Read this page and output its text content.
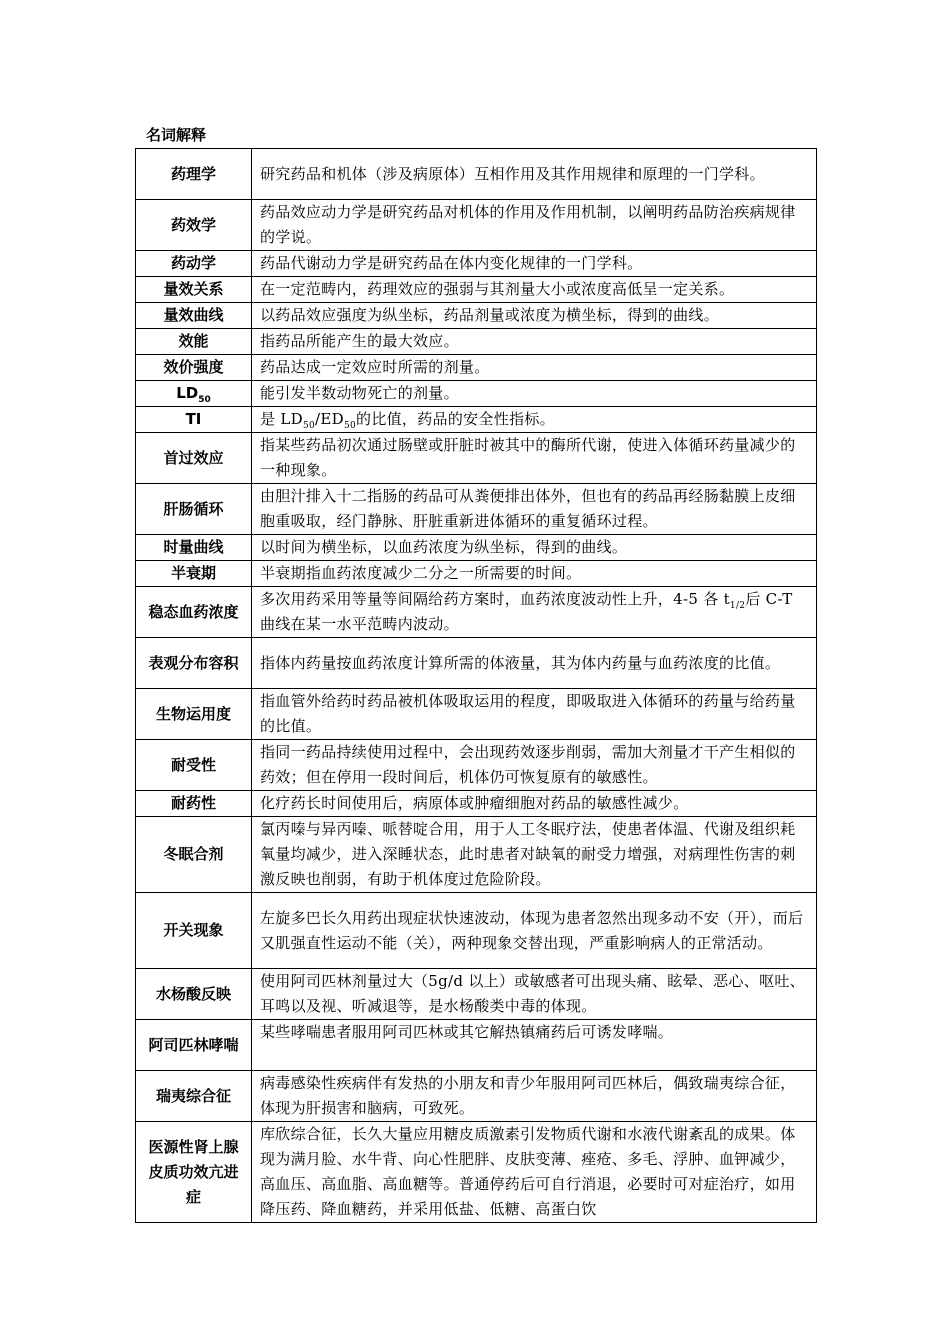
名词解释
药理学	研究药品和机体（涉及病原体）互相作用及其作用规律和原理的一门学科。
药效学	药品效应动力学是研究药品对机体的作用及作用机制，以阐明药品防治疾病规律的学说。
药动学	药品代谢动力学是研究药品在体内变化规律的一门学科。
量效关系	在一定范畴内，药理效应的强弱与其剂量大小或浓度高低呈一定关系。
量效曲线	以药品效应强度为纵坐标，药品剂量或浓度为横坐标，得到的曲线。
效能	指药品所能产生的最大效应。
效价强度	药品达成一定效应时所需的剂量。
$LD_{50}$	能引发半数动物死亡的剂量。
TI	是 $LD_{50}/ED_{50}$的比值，药品的安全性指标。
首过效应	指某些药品初次通过肠壁或肝脏时被其中的酶所代谢，使进入体循环药量减少的一种现象。
肝肠循环	由胆汁排入十二指肠的药品可从粪便排出体外，但也有的药品再经肠黏膜上皮细胞重吸取，经门静脉、肝脏重新进体循环的重复循环过程。
时量曲线	以时间为横坐标，以血药浓度为纵坐标，得到的曲线。
半衰期	半衰期指血药浓度减少二分之一所需要的时间。
稳态血药浓度	多次用药采用等量等间隔给药方案时，血药浓度波动性上升，4-5 各 $t_{1/2}$后 C-T 曲线在某一水平范畴内波动。
表观分布容积	指体内药量按血药浓度计算所需的体液量，其为体内药量与血药浓度的比值。
生物运用度	指血管外给药时药品被机体吸取运用的程度，即吸取进入体循环的药量与给药量的比值。
耐受性	指同一药品持续使用过程中，会出现药效逐步削弱，需加大剂量才干产生相似的药效；但在停用一段时间后，机体仍可恢复原有的敏感性。
耐药性	化疗药长时间使用后，病原体或肿瘤细胞对药品的敏感性减少。
冬眠合剂	氯丙嗪与异丙嗪、哌替啶合用，用于人工冬眠疗法，使患者体温、代谢及组织耗氧量均减少，进入深睡状态，此时患者对缺氧的耐受力增强，对病理性伤害的刺激反映也削弱，有助于机体度过危险阶段。
开关现象	左旋多巴长久用药出现症状快速波动，体现为患者忽然出现多动不安（开），而后又肌强直性运动不能（关），两种现象交替出现，严重影响病人的正常活动。
水杨酸反映	使用阿司匹林剂量过大（5g/d 以上）或敏感者可出现头痛、眩晕、恶心、呕吐、耳鸣以及视、听减退等，是水杨酸类中毒的体现。
阿司匹林哮喘	某些哮喘患者服用阿司匹林或其它解热镇痛药后可诱发哮喘。
瑞夷综合征	病毒感染性疾病伴有发热的小朋友和青少年服用阿司匹林后，偶致瑞夷综合征，体现为肝损害和脑病，可致死。
医源性肾上腺皮质功效亢进症	库欣综合征，长久大量应用糖皮质激素引发物质代谢和水液代谢紊乱的成果。体现为满月脸、水牛背、向心性肥胖、皮肤变薄、痤疮、多毛、浮肿、血钾减少，高血压、高血脂、高血糖等。普通停药后可自行消退，必要时可对症治疗，如用降压药、降血糖药，并采用低盐、低糖、高蛋白饮
